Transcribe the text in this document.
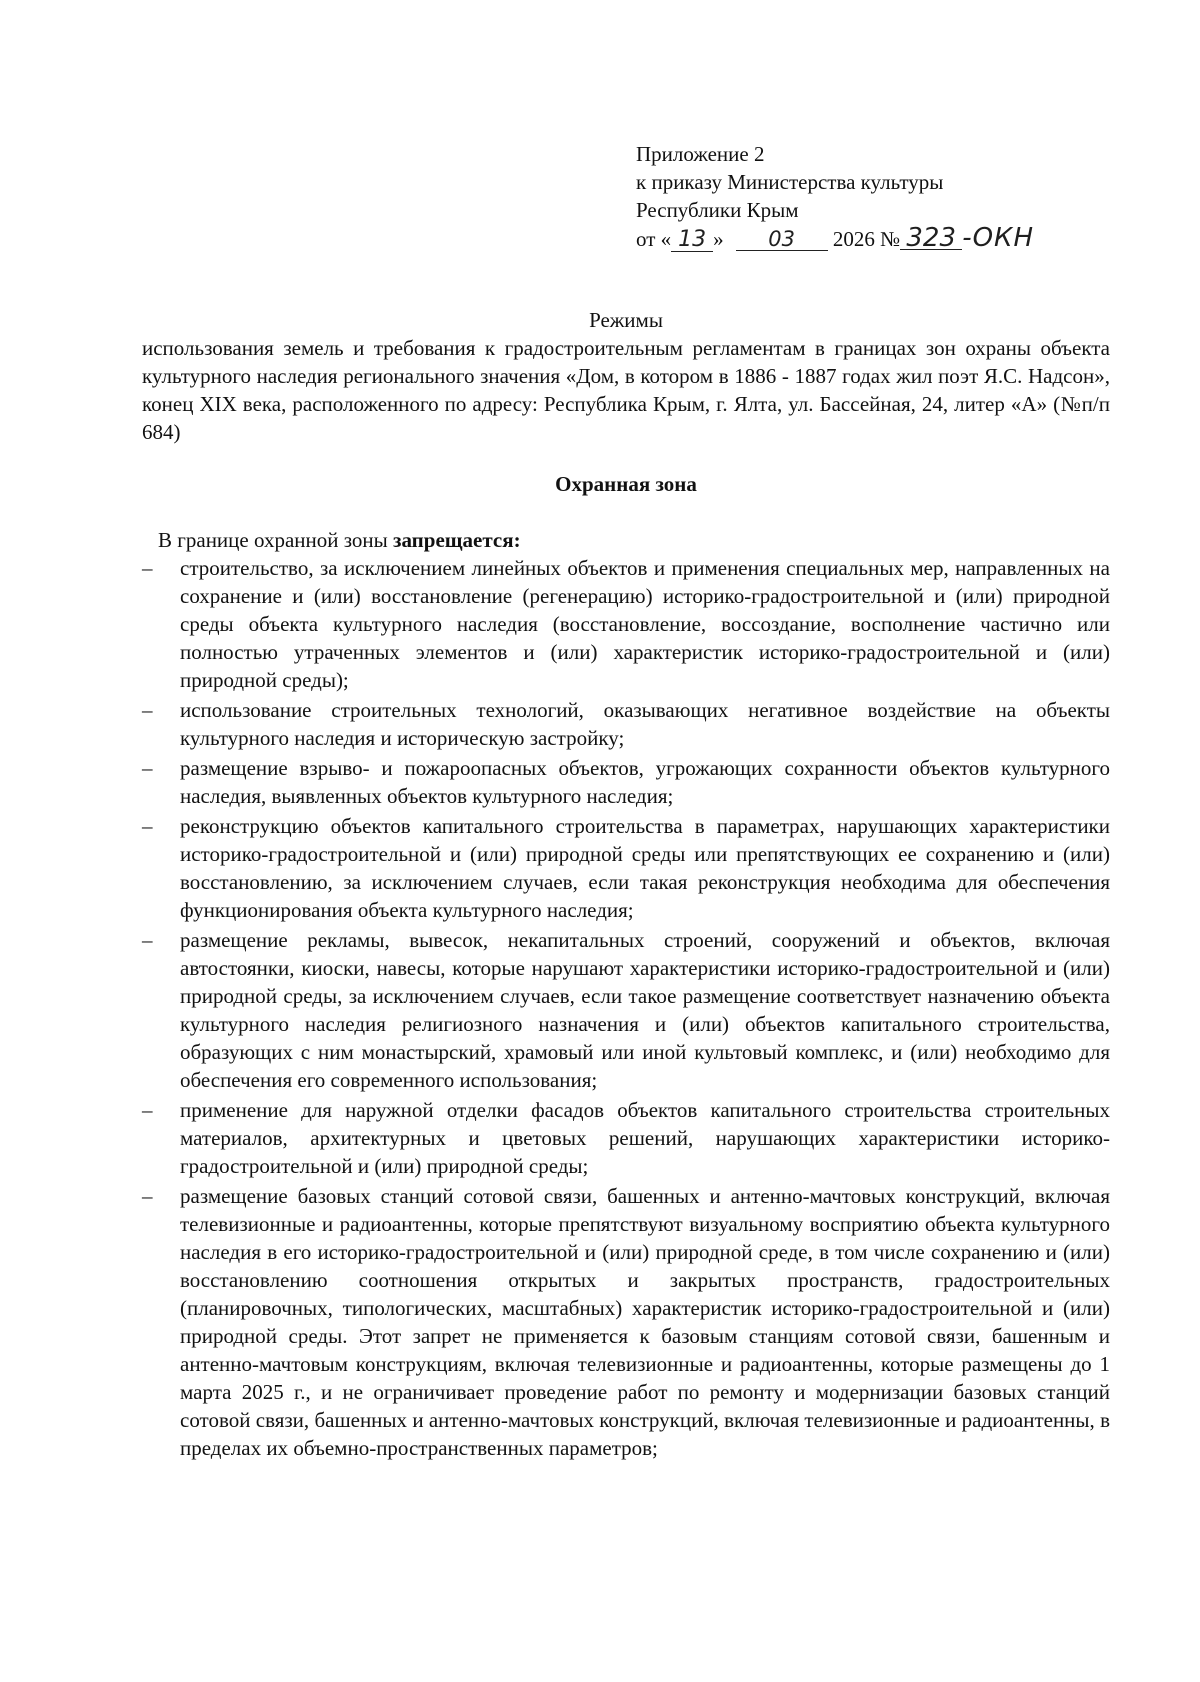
Приложение 2
к приказу Министерства культуры
Республики Крым
от « 13 » 03 2026 № 323 -ОКН
Режимы
использования земель и требования к градостроительным регламентам в границах зон охраны объекта культурного наследия регионального значения «Дом, в котором в 1886 - 1887 годах жил поэт Я.С. Надсон», конец XIX века, расположенного по адресу: Республика Крым, г. Ялта, ул. Бассейная, 24, литер «А» (№п/п 684)
Охранная зона
В границе охранной зоны запрещается:
–	строительство, за исключением линейных объектов и применения специальных мер, направленных на сохранение и (или) восстановление (регенерацию) историко-градостроительной и (или) природной среды объекта культурного наследия (восстановление, воссоздание, восполнение частично или полностью утраченных элементов и (или) характеристик историко-градостроительной и (или) природной среды);
–	использование строительных технологий, оказывающих негативное воздействие на объекты культурного наследия и историческую застройку;
–	размещение взрыво- и пожароопасных объектов, угрожающих сохранности объектов культурного наследия, выявленных объектов культурного наследия;
–	реконструкцию объектов капитального строительства в параметрах, нарушающих характеристики историко-градостроительной и (или) природной среды или препятствующих ее сохранению и (или) восстановлению, за исключением случаев, если такая реконструкция необходима для обеспечения функционирования объекта культурного наследия;
–	размещение рекламы, вывесок, некапитальных строений, сооружений и объектов, включая автостоянки, киоски, навесы, которые нарушают характеристики историко-градостроительной и (или) природной среды, за исключением случаев, если такое размещение соответствует назначению объекта культурного наследия религиозного назначения и (или) объектов капитального строительства, образующих с ним монастырский, храмовый или иной культовый комплекс, и (или) необходимо для обеспечения его современного использования;
–	применение для наружной отделки фасадов объектов капитального строительства строительных материалов, архитектурных и цветовых решений, нарушающих характеристики историко-градостроительной и (или) природной среды;
–	размещение базовых станций сотовой связи, башенных и антенно-мачтовых конструкций, включая телевизионные и радиоантенны, которые препятствуют визуальному восприятию объекта культурного наследия в его историко-градостроительной и (или) природной среде, в том числе сохранению и (или) восстановлению соотношения открытых и закрытых пространств, градостроительных (планировочных, типологических, масштабных) характеристик историко-градостроительной и (или) природной среды. Этот запрет не применяется к базовым станциям сотовой связи, башенным и антенно-мачтовым конструкциям, включая телевизионные и радиоантенны, которые размещены до 1 марта 2025 г., и не ограничивает проведение работ по ремонту и модернизации базовых станций сотовой связи, башенных и антенно-мачтовых конструкций, включая телевизионные и радиоантенны, в пределах их объемно-пространственных параметров;
